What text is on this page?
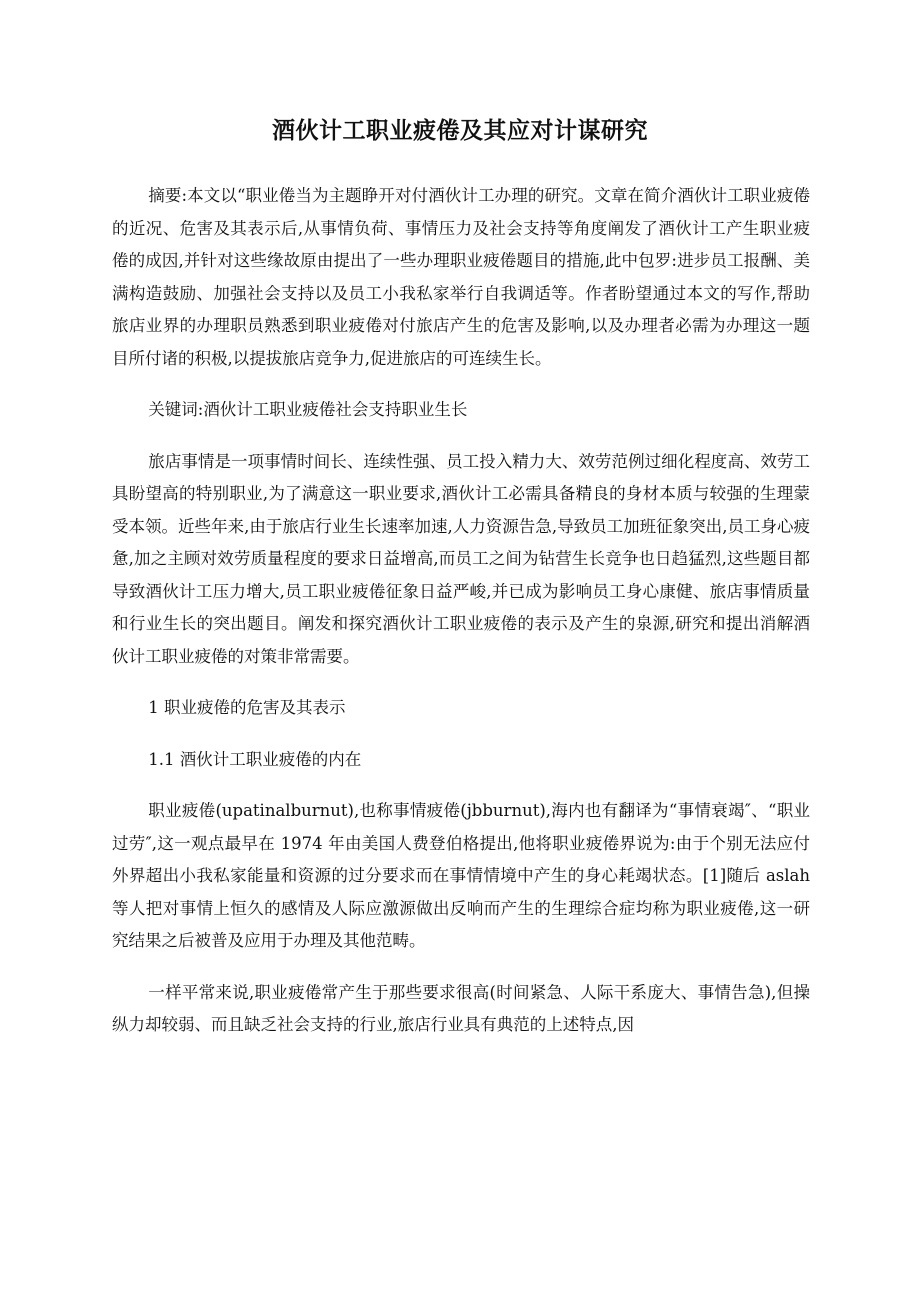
酒伙计工职业疲倦及其应对计谋研究

摘要:本文以“职业倦当为主题睁开对付酒伙计工办理的研究。文章在简介酒伙计工职业疲倦的近况、危害及其表示后,从事情负荷、事情压力及社会支持等角度阐发了酒伙计工产生职业疲倦的成因,并针对这些缘故原由提出了一些办理职业疲倦题目的措施,此中包罗:进步员工报酬、美满构造鼓励、加强社会支持以及员工小我私家举行自我调适等。作者盼望通过本文的写作,帮助旅店业界的办理职员熟悉到职业疲倦对付旅店产生的危害及影响,以及办理者必需为办理这一题目所付诸的积极,以提拔旅店竞争力,促进旅店的可连续生长。

关键词:酒伙计工职业疲倦社会支持职业生长

旅店事情是一项事情时间长、连续性强、员工投入精力大、效劳范例过细化程度高、效劳工具盼望高的特别职业,为了满意这一职业要求,酒伙计工必需具备精良的身材本质与较强的生理蒙受本领。近些年来,由于旅店行业生长速率加速,人力资源告急,导致员工加班征象突出,员工身心疲惫,加之主顾对效劳质量程度的要求日益增高,而员工之间为钻营生长竞争也日趋猛烈,这些题目都导致酒伙计工压力增大,员工职业疲倦征象日益严峻,并已成为影响员工身心康健、旅店事情质量和行业生长的突出题目。阐发和探究酒伙计工职业疲倦的表示及产生的泉源,研究和提出消解酒伙计工职业疲倦的对策非常需要。

1 职业疲倦的危害及其表示

1.1 酒伙计工职业疲倦的内在

职业疲倦(upatinalburnut),也称事情疲倦(jbburnut),海内也有翻译为“事情衰竭″、“职业过劳″,这一观点最早在 1974 年由美国人费登伯格提出,他将职业疲倦界说为:由于个别无法应付外界超出小我私家能量和资源的过分要求而在事情情境中产生的身心耗竭状态。[1]随后 aslah 等人把对事情上恒久的感情及人际应激源做出反响而产生的生理综合症均称为职业疲倦,这一研究结果之后被普及应用于办理及其他范畴。

一样平常来说,职业疲倦常产生于那些要求很高(时间紧急、人际干系庞大、事情告急),但操纵力却较弱、而且缺乏社会支持的行业,旅店行业具有典范的上述特点,因
